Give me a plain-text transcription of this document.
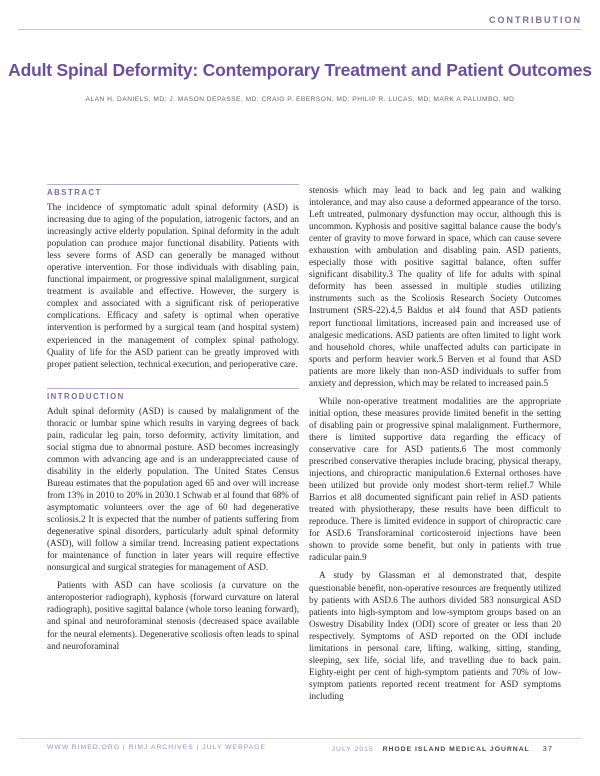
CONTRIBUTION
Adult Spinal Deformity: Contemporary Treatment and Patient Outcomes
ALAN H. DANIELS, MD; J. MASON DEPASSE, MD; CRAIG P. EBERSON, MD; PHILIP R. LUCAS, MD; MARK A PALUMBO, MD
ABSTRACT

The incidence of symptomatic adult spinal deformity (ASD) is increasing due to aging of the population, iatrogenic factors, and an increasingly active elderly population. Spinal deformity in the adult population can produce major functional disability. Patients with less severe forms of ASD can generally be managed without operative intervention. For those individuals with disabling pain, functional impairment, or progressive spinal malalignment, surgical treatment is available and effective. However, the surgery is complex and associated with a significant risk of perioperative complications. Efficacy and safety is optimal when operative intervention is performed by a surgical team (and hospital system) experienced in the management of complex spinal pathology. Quality of life for the ASD patient can be greatly improved with proper patient selection, technical execution, and perioperative care.

INTRODUCTION

Adult spinal deformity (ASD) is caused by malalignment of the thoracic or lumbar spine which results in varying degrees of back pain, radicular leg pain, torso deformity, activity limitation, and social stigma due to abnormal posture. ASD becomes increasingly common with advancing age and is an underappreciated cause of disability in the elderly population. The United States Census Bureau estimates that the population aged 65 and over will increase from 13% in 2010 to 20% in 2030.1 Schwab et al found that 68% of asymptomatic volunteers over the age of 60 had degenerative scoliosis.2 It is expected that the number of patients suffering from degenerative spinal disorders, particularly adult spinal deformity (ASD), will follow a similar trend. Increasing patient expectations for maintenance of function in later years will require effective nonsurgical and surgical strategies for management of ASD.

Patients with ASD can have scoliosis (a curvature on the anteroposterior radiograph), kyphosis (forward curvature on lateral radiograph), positive sagittal balance (whole torso leaning forward), and spinal and neuroforaminal stenosis (decreased space available for the neural elements). Degenerative scoliosis often leads to spinal and neuroforaminal

stenosis which may lead to back and leg pain and walking intolerance, and may also cause a deformed appearance of the torso. Left untreated, pulmonary dysfunction may occur, although this is uncommon. Kyphosis and positive sagittal balance cause the body's center of gravity to move forward in space, which can cause severe exhaustion with ambulation and disabling pain. ASD patients, especially those with positive sagittal balance, often suffer significant disability.3 The quality of life for adults with spinal deformity has been assessed in multiple studies utilizing instruments such as the Scoliosis Research Society Outcomes Instrument (SRS-22).4,5 Baldus et al4 found that ASD patients report functional limitations, increased pain and increased use of analgesic medications. ASD patients are often limited to light work and household chores, while unaffected adults can participate in sports and perform heavier work.5 Berven et al found that ASD patients are more likely than non-ASD individuals to suffer from anxiety and depression, which may be related to increased pain.5

While non-operative treatment modalities are the appropriate initial option, these measures provide limited benefit in the setting of disabling pain or progressive spinal malalignment. Furthermore, there is limited supportive data regarding the efficacy of conservative care for ASD patients.6 The most commonly prescribed conservative therapies include bracing, physical therapy, injections, and chiropractic manipulation.6 External orthoses have been utilized but provide only modest short-term relief.7 While Barrios et al8 documented significant pain relief in ASD patients treated with physiotherapy, these results have been difficult to reproduce. There is limited evidence in support of chiropractic care for ASD.6 Transforaminal corticosteroid injections have been shown to provide some benefit, but only in patients with true radicular pain.9

A study by Glassman et al demonstrated that, despite questionable benefit, non-operative resources are frequently utilized by patients with ASD.6 The authors divided 583 nonsurgical ASD patients into high-symptom and low-symptom groups based on an Oswestry Disability Index (ODI) score of greater or less than 20 respectively. Symptoms of ASD reported on the ODI include limitations in personal care, lifting, walking, sitting, standing, sleeping, sex life, social life, and travelling due to back pain. Eighty-eight per cent of high-symptom patients and 70% of low-symptom patients reported recent treatment for ASD symptoms including

WWW.RIMED.ORG | RIMJ ARCHIVES | JULY WEBPAGE	JULY 2015 RHODE ISLAND MEDICAL JOURNAL 37
